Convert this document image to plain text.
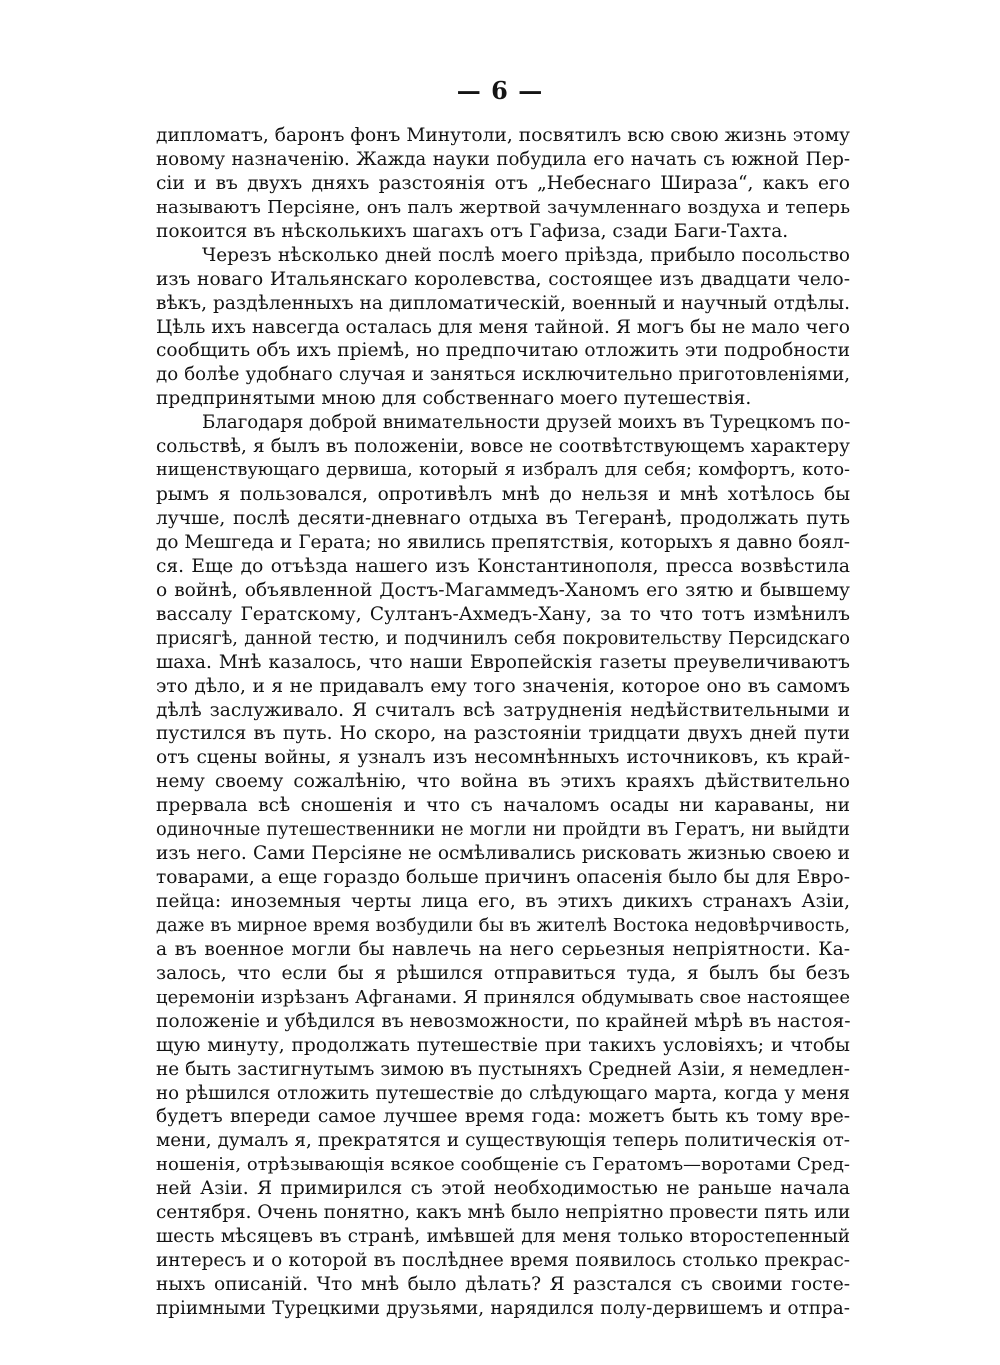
— 6 —
дипломатъ, баронъ фонъ Минутоли, посвятилъ всю свою жизнь этому
новому назначенію. Жажда науки побудила его начать съ южной Пер-
сіи и въ двухъ дняхъ разстоянія отъ „Небеснаго Шираза“, какъ его
называютъ Персіяне, онъ палъ жертвой зачумленнаго воздуха и теперь
покоится въ нѣсколькихъ шагахъ отъ Гафиза, сзади Баги-Тахта.
Черезъ нѣсколько дней послѣ моего пріѣзда, прибыло посольство
изъ новаго Итальянскаго королевства, состоящее изъ двадцати чело-
вѣкъ, раздѣленныхъ на дипломатическій, военный и научный отдѣлы.
Цѣль ихъ навсегда осталась для меня тайной. Я могъ бы не мало чего
сообщить объ ихъ пріемѣ, но предпочитаю отложить эти подробности
до болѣе удобнаго случая и заняться исключительно приготовленіями,
предпринятыми мною для собственнаго моего путешествія.
Благодаря доброй внимательности друзей моихъ въ Турецкомъ по-
сольствѣ, я былъ въ положеніи, вовсе не соотвѣтствующемъ характеру
нищенствующаго дервиша, который я избралъ для себя; комфортъ, кото-
рымъ я пользовался, опротивѣлъ мнѣ до нельзя и мнѣ хотѣлось бы
лучше, послѣ десяти-дневнаго отдыха въ Тегеранѣ, продолжать путь
до Мешгеда и Герата; но явились препятствія, которыхъ я давно боял-
ся. Еще до отъѣзда нашего изъ Константинополя, пресса возвѣстила
о войнѣ, объявленной Достъ-Магаммедъ-Ханомъ его зятю и бывшему
вассалу Гератскому, Султанъ-Ахмедъ-Хану, за то что тотъ измѣнилъ
присягѣ, данной тестю, и подчинилъ себя покровительству Персидскаго
шаха. Мнѣ казалось, что наши Европейскія газеты преувеличиваютъ
это дѣло, и я не придавалъ ему того значенія, которое оно въ самомъ
дѣлѣ заслуживало. Я считалъ всѣ затрудненія недѣйствительными и
пустился въ путь. Но скоро, на разстояніи тридцати двухъ дней пути
отъ сцены войны, я узналъ изъ несомнѣнныхъ источниковъ, къ край-
нему своему сожалѣнію, что война въ этихъ краяхъ дѣйствительно
прервала всѣ сношенія и что съ началомъ осады ни караваны, ни
одиночные путешественники не могли ни пройдти въ Гератъ, ни выйдти
изъ него. Сами Персіяне не осмѣливались рисковать жизнью своею и
товарами, а еще гораздо больше причинъ опасенія было бы для Евро-
пейца: иноземныя черты лица его, въ этихъ дикихъ странахъ Азіи,
даже въ мирное время возбудили бы въ жителѣ Востока недовѣрчивость,
а въ военное могли бы навлечь на него серьезныя непріятности. Ка-
залось, что если бы я рѣшился отправиться туда, я былъ бы безъ
церемоніи изрѣзанъ Афганами. Я принялся обдумывать свое настоящее
положеніе и убѣдился въ невозможности, по крайней мѣрѣ въ настоя-
щую минуту, продолжать путешествіе при такихъ условіяхъ; и чтобы
не быть застигнутымъ зимою въ пустыняхъ Средней Азіи, я немедлен-
но рѣшился отложить путешествіе до слѣдующаго марта, когда у меня
будетъ впереди самое лучшее время года: можетъ быть къ тому вре-
мени, думалъ я, прекратятся и существующія теперь политическія от-
ношенія, отрѣзывающія всякое сообщеніе съ Гератомъ—воротами Сред-
ней Азіи. Я примирился съ этой необходимостью не раньше начала
сентября. Очень понятно, какъ мнѣ было непріятно провести пять или
шесть мѣсяцевъ въ странѣ, имѣвшей для меня только второстепенный
интересъ и о которой въ послѣднее время появилось столько прекрас-
ныхъ описаній. Что мнѣ было дѣлать? Я разстался съ своими госте-
пріимными Турецкими друзьями, нарядился полу-дервишемъ и отпра-
